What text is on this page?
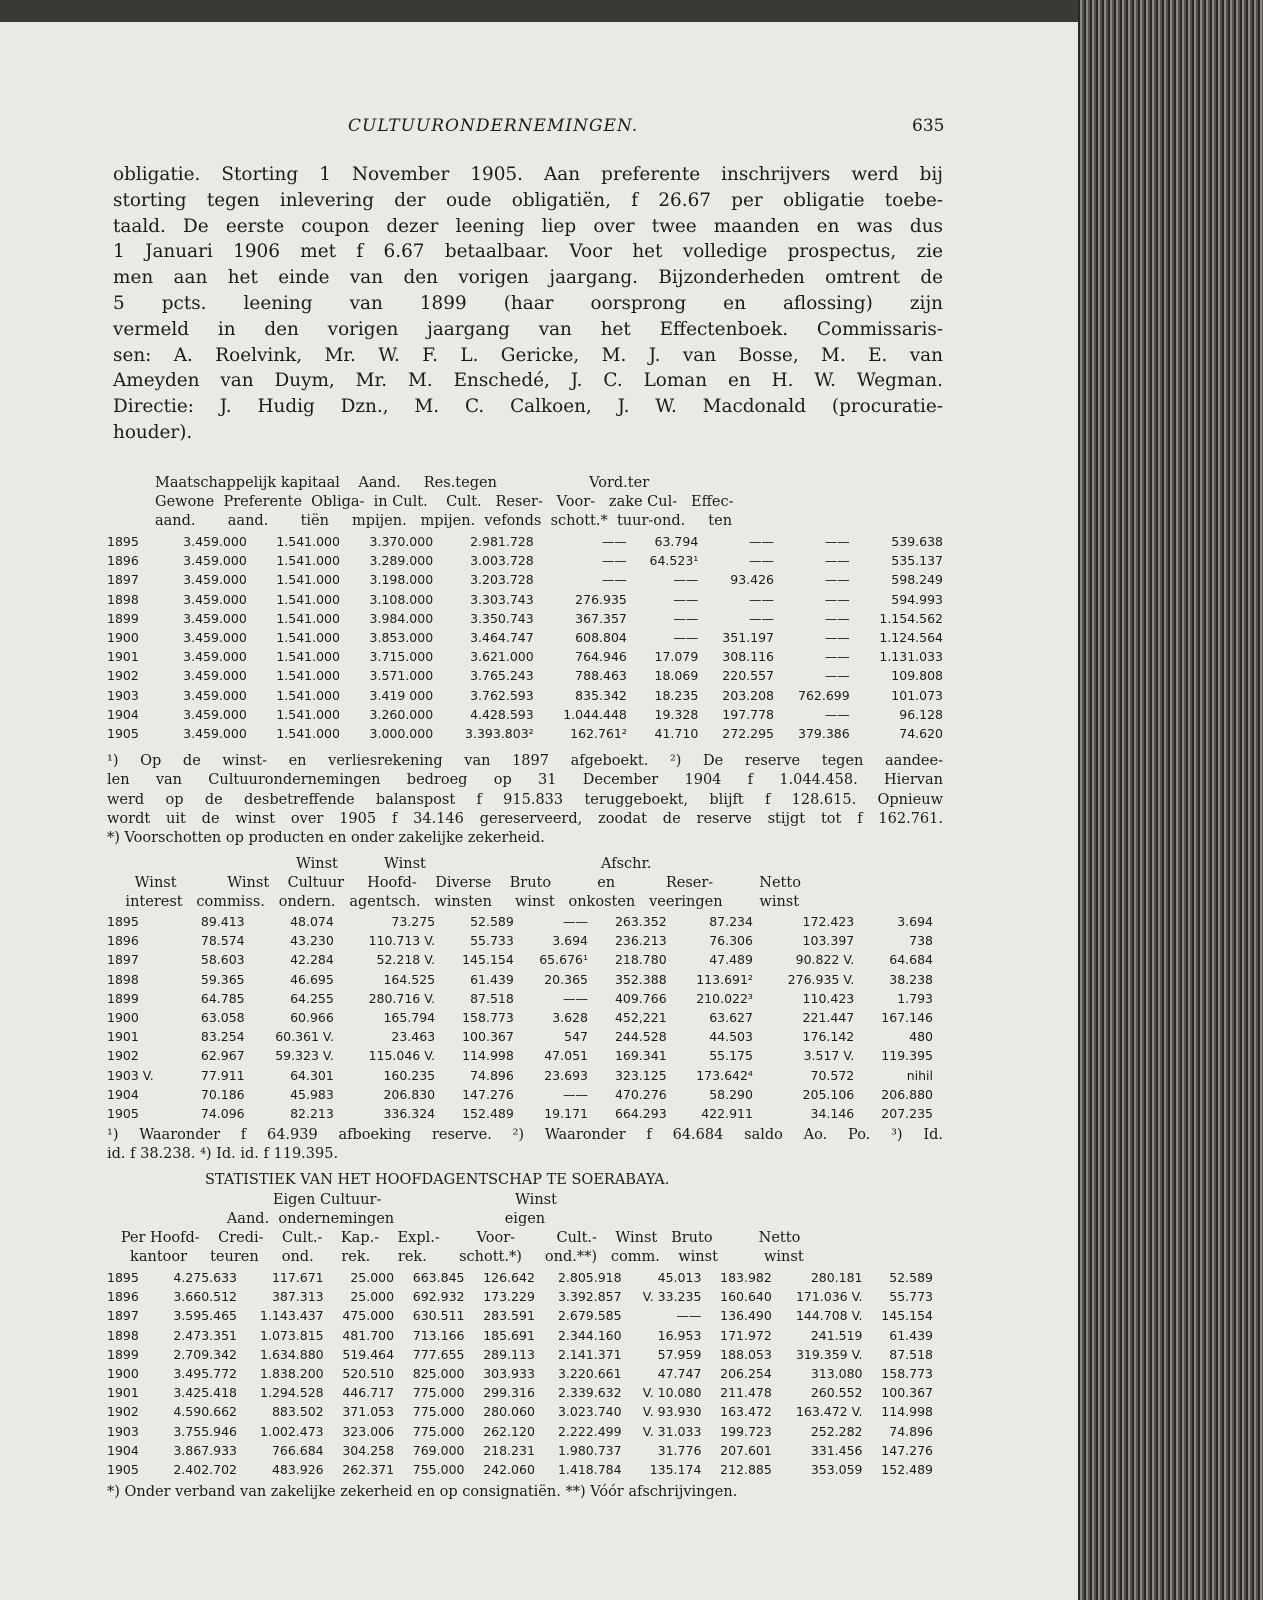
CULTUURONDERNEMINGEN.	635
obligatie. Storting 1 November 1905. Aan preferente inschrijvers werd bij
storting tegen inlevering der oude obligatiën, f 26.67 per obligatie toebe-
taald. De eerste coupon dezer leening liep over twee maanden en was dus
1 Januari 1906 met f 6.67 betaalbaar. Voor het volledige prospectus, zie
men aan het einde van den vorigen jaargang. Bijzonderheden omtrent de
5 pcts. leening van 1899 (haar oorsprong en aflossing) zijn
vermeld in den vorigen jaargang van het Effectenboek. Commissaris-
sen: A. Roelvink, Mr. W. F. L. Gericke, M. J. van Bosse, M. E. van
Ameyden van Duym, Mr. M. Enschedé, J. C. Loman en H. W. Wegman.
Directie: J. Hudig Dzn., M. C. Calkoen, J. W. Macdonald (procuratie-
houder).
Maatschappelijk kapitaal    Aand.     Res.tegen                    Vord.ter
Gewone  Preferente  Obliga-  in Cult.    Cult.   Reser-   Voor-   zake Cul-   Effec-
aand.       aand.       tiën     mpijen.   mpijen.  vefonds  schott.*  tuur-ond.     ten
1895	3.459.000	1.541.000	3.370.000	2.981.728	——	63.794	——	——	539.638
1896	3.459.000	1.541.000	3.289.000	3.003.728	——	64.523¹	——	——	535.137
1897	3.459.000	1.541.000	3.198.000	3.203.728	——	——	93.426	——	598.249
1898	3.459.000	1.541.000	3.108.000	3.303.743	276.935	——	——	——	594.993
1899	3.459.000	1.541.000	3.984.000	3.350.743	367.357	——	——	——	1.154.562
1900	3.459.000	1.541.000	3.853.000	3.464.747	608.804	——	351.197	——	1.124.564
1901	3.459.000	1.541.000	3.715.000	3.621.000	764.946	17.079	308.116	——	1.131.033
1902	3.459.000	1.541.000	3.571.000	3.765.243	788.463	18.069	220.557	——	109.808
1903	3.459.000	1.541.000	3.419 000	3.762.593	835.342	18.235	203.208	762.699	101.073
1904	3.459.000	1.541.000	3.260.000	4.428.593	1.044.448	19.328	197.778	——	96.128
1905	3.459.000	1.541.000	3.000.000	3.393.803²	162.761²	41.710	272.295	379.386	74.620
¹) Op de winst- en verliesrekening van 1897 afgeboekt. ²) De reserve tegen aandee-
len van Cultuurondernemingen bedroeg op 31 December 1904 f 1.044.458. Hiervan
werd op de desbetreffende balanspost f 915.833 teruggeboekt, blijft f 128.615. Opnieuw
wordt uit de winst over 1905 f 34.146 gereserveerd, zoodat de reserve stijgt tot f 162.761.
*) Voorschotten op producten en onder zakelijke zekerheid.
Winst          Winst                                      Afschr.
Winst           Winst    Cultuur     Hoofd-    Diverse    Bruto          en           Reser-          Netto
interest   commiss.   ondern.   agentsch.   winsten     winst   onkosten   veeringen        winst
1895	89.413	48.074	73.275	52.589	——	263.352	87.234	172.423	3.694
1896	78.574	43.230	110.713 V.	55.733	3.694	236.213	76.306	103.397	738
1897	58.603	42.284	52.218 V.	145.154	65.676¹	218.780	47.489	90.822 V.	64.684
1898	59.365	46.695	164.525	61.439	20.365	352.388	113.691²	276.935 V.	38.238
1899	64.785	64.255	280.716 V.	87.518	——	409.766	210.022³	110.423	1.793
1900	63.058	60.966	165.794	158.773	3.628	452,221	63.627	221.447	167.146
1901	83.254	60.361 V.	23.463	100.367	547	244.528	44.503	176.142	480
1902	62.967	59.323 V.	115.046 V.	114.998	47.051	169.341	55.175	3.517 V.	119.395
1903 V.	77.911	64.301	160.235	74.896	23.693	323.125	173.642⁴	70.572	nihil
1904	70.186	45.983	206.830	147.276	——	470.276	58.290	205.106	206.880
1905	74.096	82.213	336.324	152.489	19.171	664.293	422.911	34.146	207.235
¹) Waaronder f 64.939 afboeking reserve. ²) Waaronder f 64.684 saldo Ao. Po. ³) Id.
id. f 38.238. ⁴) Id. id. f 119.395.
STATISTIEK VAN HET HOOFDAGENTSCHAP TE SOERABAYA.
Eigen Cultuur-                             Winst
Aand.  ondernemingen                        eigen
Per Hoofd-    Credi-    Cult.-    Kap.-    Expl.-        Voor-         Cult.-    Winst   Bruto          Netto
kantoor     teuren     ond.      rek.      rek.       schott.*)     ond.**)   comm.    winst          winst
1895	4.275.633	117.671	25.000	663.845	126.642	2.805.918	45.013	183.982	280.181	52.589
1896	3.660.512	387.313	25.000	692.932	173.229	3.392.857	V. 33.235	160.640	171.036 V.	55.773
1897	3.595.465	1.143.437	475.000	630.511	283.591	2.679.585	——	136.490	144.708 V.	145.154
1898	2.473.351	1.073.815	481.700	713.166	185.691	2.344.160	16.953	171.972	241.519	61.439
1899	2.709.342	1.634.880	519.464	777.655	289.113	2.141.371	57.959	188.053	319.359 V.	87.518
1900	3.495.772	1.838.200	520.510	825.000	303.933	3.220.661	47.747	206.254	313.080	158.773
1901	3.425.418	1.294.528	446.717	775.000	299.316	2.339.632	V. 10.080	211.478	260.552	100.367
1902	4.590.662	883.502	371.053	775.000	280.060	3.023.740	V. 93.930	163.472	163.472 V.	114.998
1903	3.755.946	1.002.473	323.006	775.000	262.120	2.222.499	V. 31.033	199.723	252.282	74.896
1904	3.867.933	766.684	304.258	769.000	218.231	1.980.737	31.776	207.601	331.456	147.276
1905	2.402.702	483.926	262.371	755.000	242.060	1.418.784	135.174	212.885	353.059	152.489
*) Onder verband van zakelijke zekerheid en op consignatiën. **) Vóór afschrijvingen.
